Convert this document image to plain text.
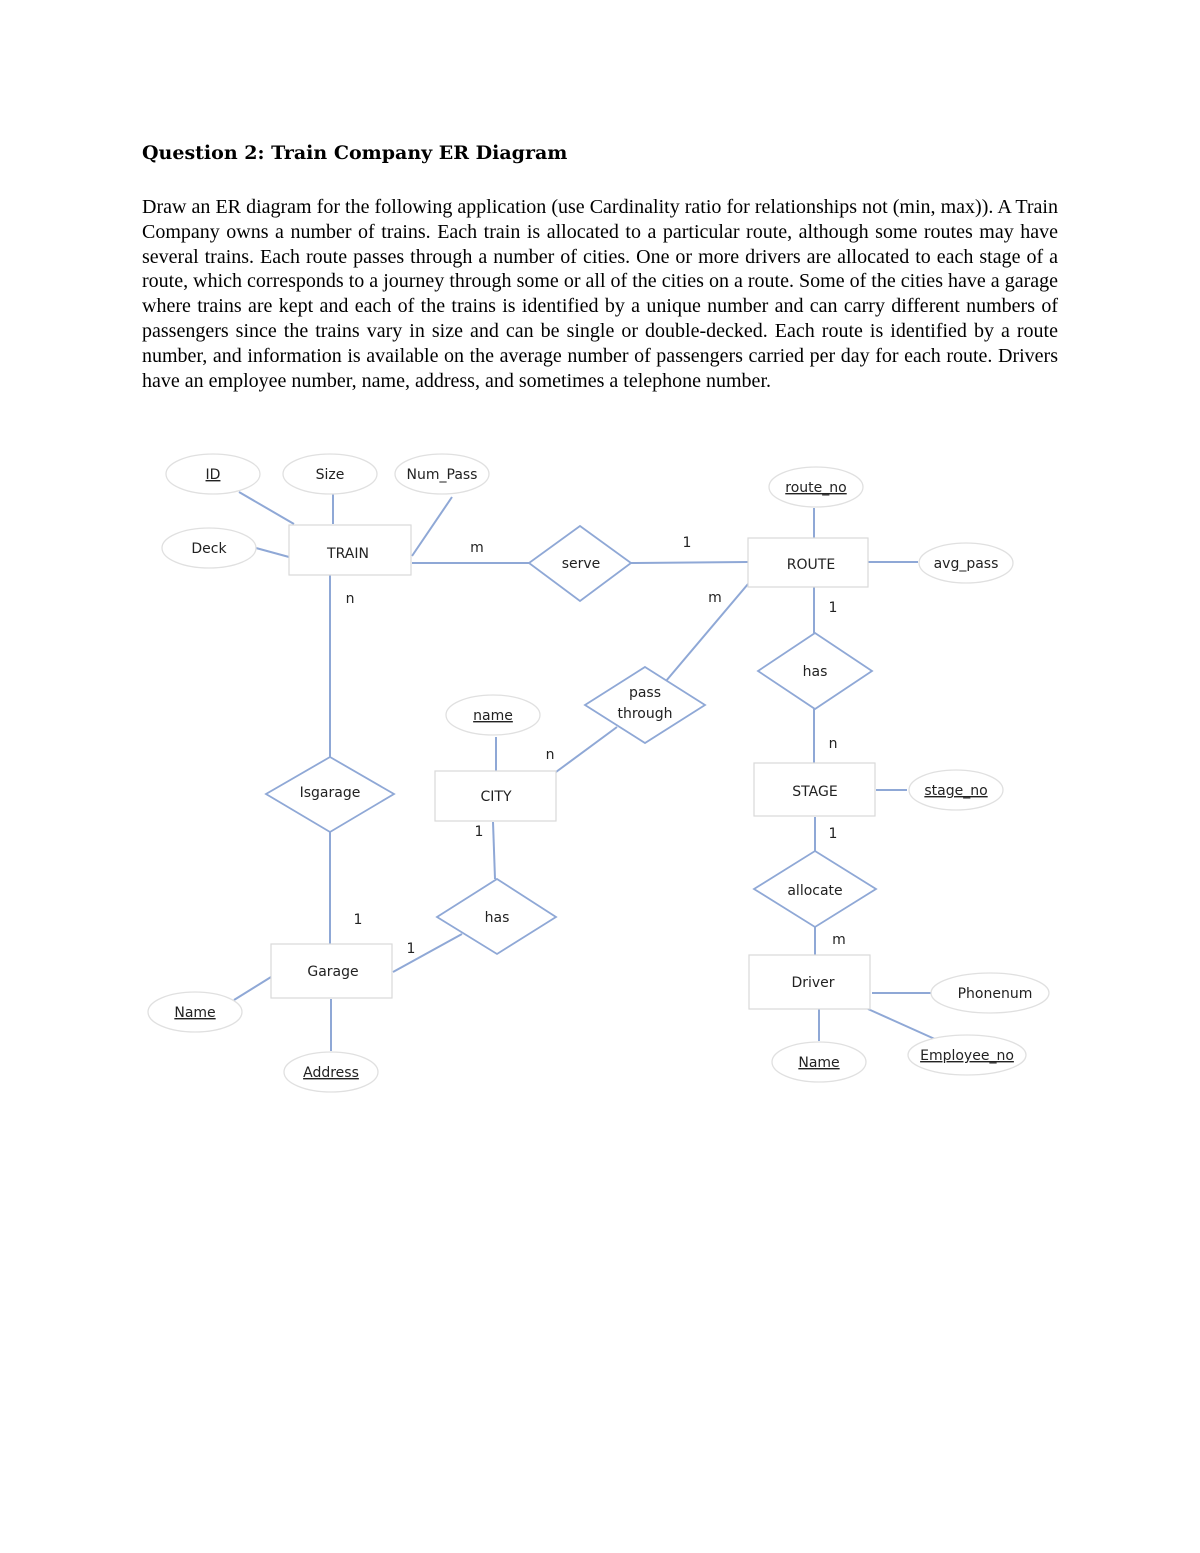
Question 2: Train Company ER Diagram

Draw an ER diagram for the following application (use Cardinality ratio for relationships not (min, max)). A Train Company owns a number of trains. Each train is allocated to a particular route, although some routes may have several trains. Each route passes through a number of cities. One or more drivers are allocated to each stage of a route, which corresponds to a journey through some or all of the cities on a route. Some of the cities have a garage where trains are kept and each of the trains is identified by a unique number and can carry different numbers of passengers since the trains vary in size and can be single or double-decked. Each route is identified by a route number, and information is available on the average number of passengers carried per day for each route. Drivers have an employee number, name, address, and sometimes a telephone number.

ID	Size	Num_Pass
Deck
route_no
avg_pass
name
stage_no
Name
Address
Phonenum
Employee_no
Name
TRAIN
ROUTE
CITY	STAGE
Garage
Driver
serve
pass
through
has
Isgarage
has
allocate
m	1
n	m
1
n
n
1
1
1
m
1
